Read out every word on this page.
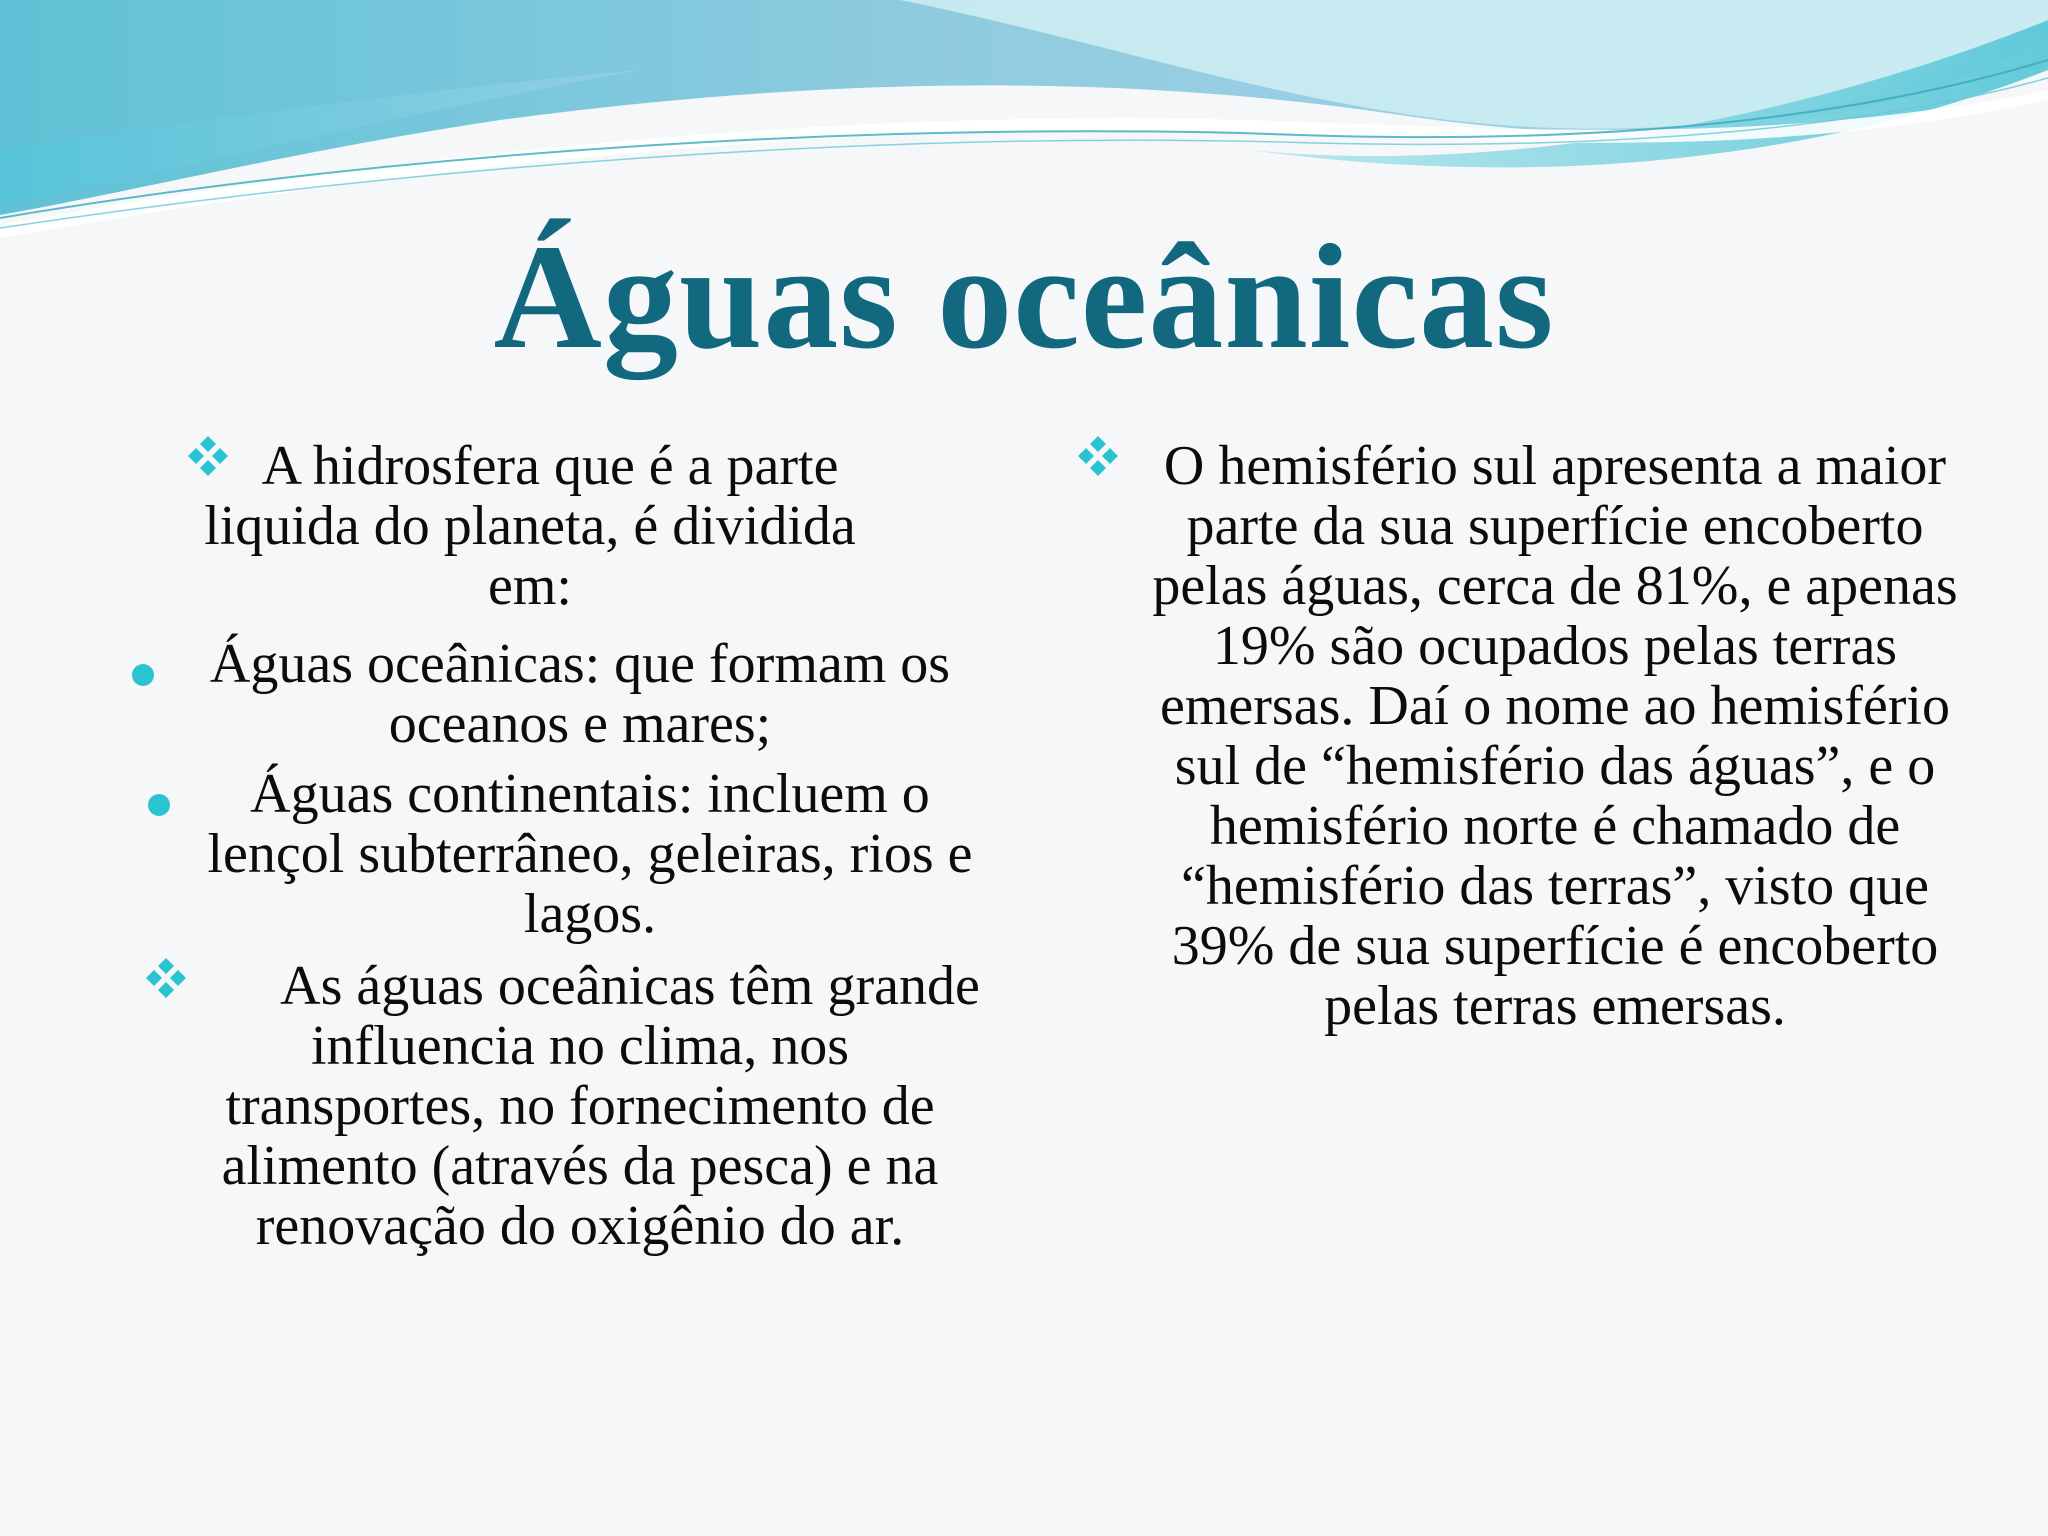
Águas oceânicas

A hidrosfera que é a parte liquida do planeta, é dividida em:

Águas oceânicas: que formam os oceanos e mares;

Águas continentais: incluem o lençol subterrâneo, geleiras, rios e lagos.

As águas oceânicas têm grande influencia no clima, nos transportes, no fornecimento de alimento (através da pesca) e na renovação do oxigênio do ar.

O hemisfério sul apresenta a maior parte da sua superfície encoberto pelas águas, cerca de 81%, e apenas 19% são ocupados pelas terras emersas. Daí o nome ao hemisfério sul de “hemisfério das águas”, e o hemisfério norte é chamado de “hemisfério das terras”, visto que 39% de sua superfície é encoberto pelas terras emersas.
